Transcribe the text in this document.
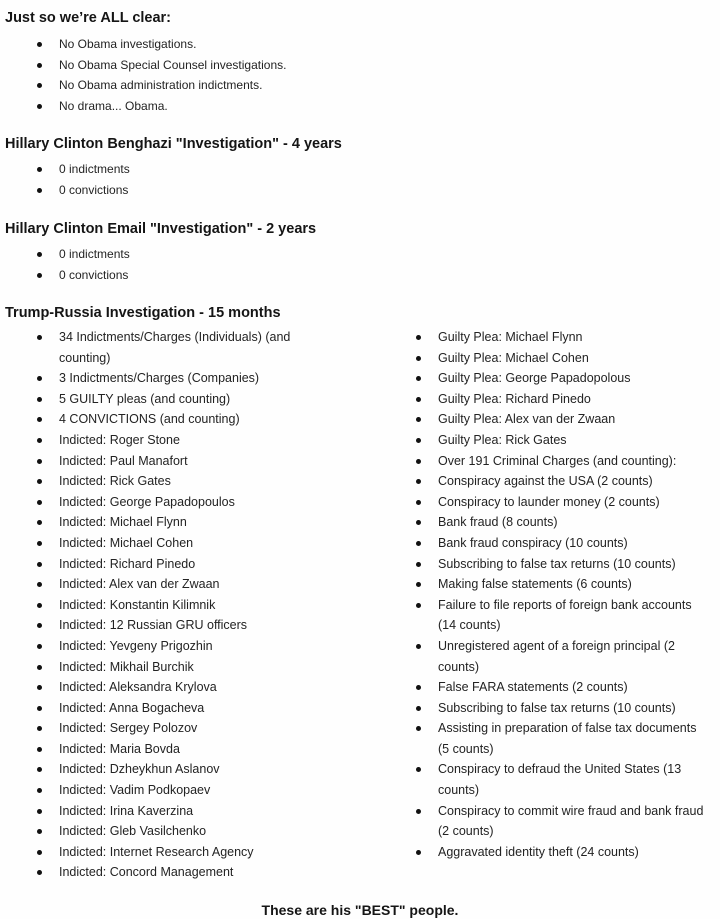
Just so we’re ALL clear:
No Obama investigations.
No Obama Special Counsel investigations.
No Obama administration indictments.
No drama... Obama.
Hillary Clinton Benghazi "Investigation" - 4 years
0 indictments
0 convictions
Hillary Clinton Email "Investigation" - 2 years
0 indictments
0 convictions
Trump-Russia Investigation - 15 months
34 Indictments/Charges (Individuals) (and counting)
3 Indictments/Charges (Companies)
5 GUILTY pleas (and counting)
4 CONVICTIONS (and counting)
Indicted: Roger Stone
Indicted: Paul Manafort
Indicted: Rick Gates
Indicted: George Papadopoulos
Indicted: Michael Flynn
Indicted: Michael Cohen
Indicted: Richard Pinedo
Indicted: Alex van der Zwaan
Indicted: Konstantin Kilimnik
Indicted: 12 Russian GRU officers
Indicted: Yevgeny Prigozhin
Indicted: Mikhail Burchik
Indicted: Aleksandra Krylova
Indicted: Anna Bogacheva
Indicted: Sergey Polozov
Indicted: Maria Bovda
Indicted: Dzheykhun Aslanov
Indicted: Vadim Podkopaev
Indicted: Irina Kaverzina
Indicted: Gleb Vasilchenko
Indicted: Internet Research Agency
Indicted: Concord Management
Guilty Plea: Michael Flynn
Guilty Plea: Michael Cohen
Guilty Plea: George Papadopolous
Guilty Plea: Richard Pinedo
Guilty Plea: Alex van der Zwaan
Guilty Plea: Rick Gates
Over 191 Criminal Charges (and counting):
Conspiracy against the USA (2 counts)
Conspiracy to launder money (2 counts)
Bank fraud (8 counts)
Bank fraud conspiracy (10 counts)
Subscribing to false tax returns (10 counts)
Making false statements (6 counts)
Failure to file reports of foreign bank accounts (14 counts)
Unregistered agent of a foreign principal (2 counts)
False FARA statements (2 counts)
Subscribing to false tax returns (10 counts)
Assisting in preparation of false tax documents (5 counts)
Conspiracy to defraud the United States (13 counts)
Conspiracy to commit wire fraud and bank fraud (2 counts)
Aggravated identity theft (24 counts)
These are his "BEST" people.
